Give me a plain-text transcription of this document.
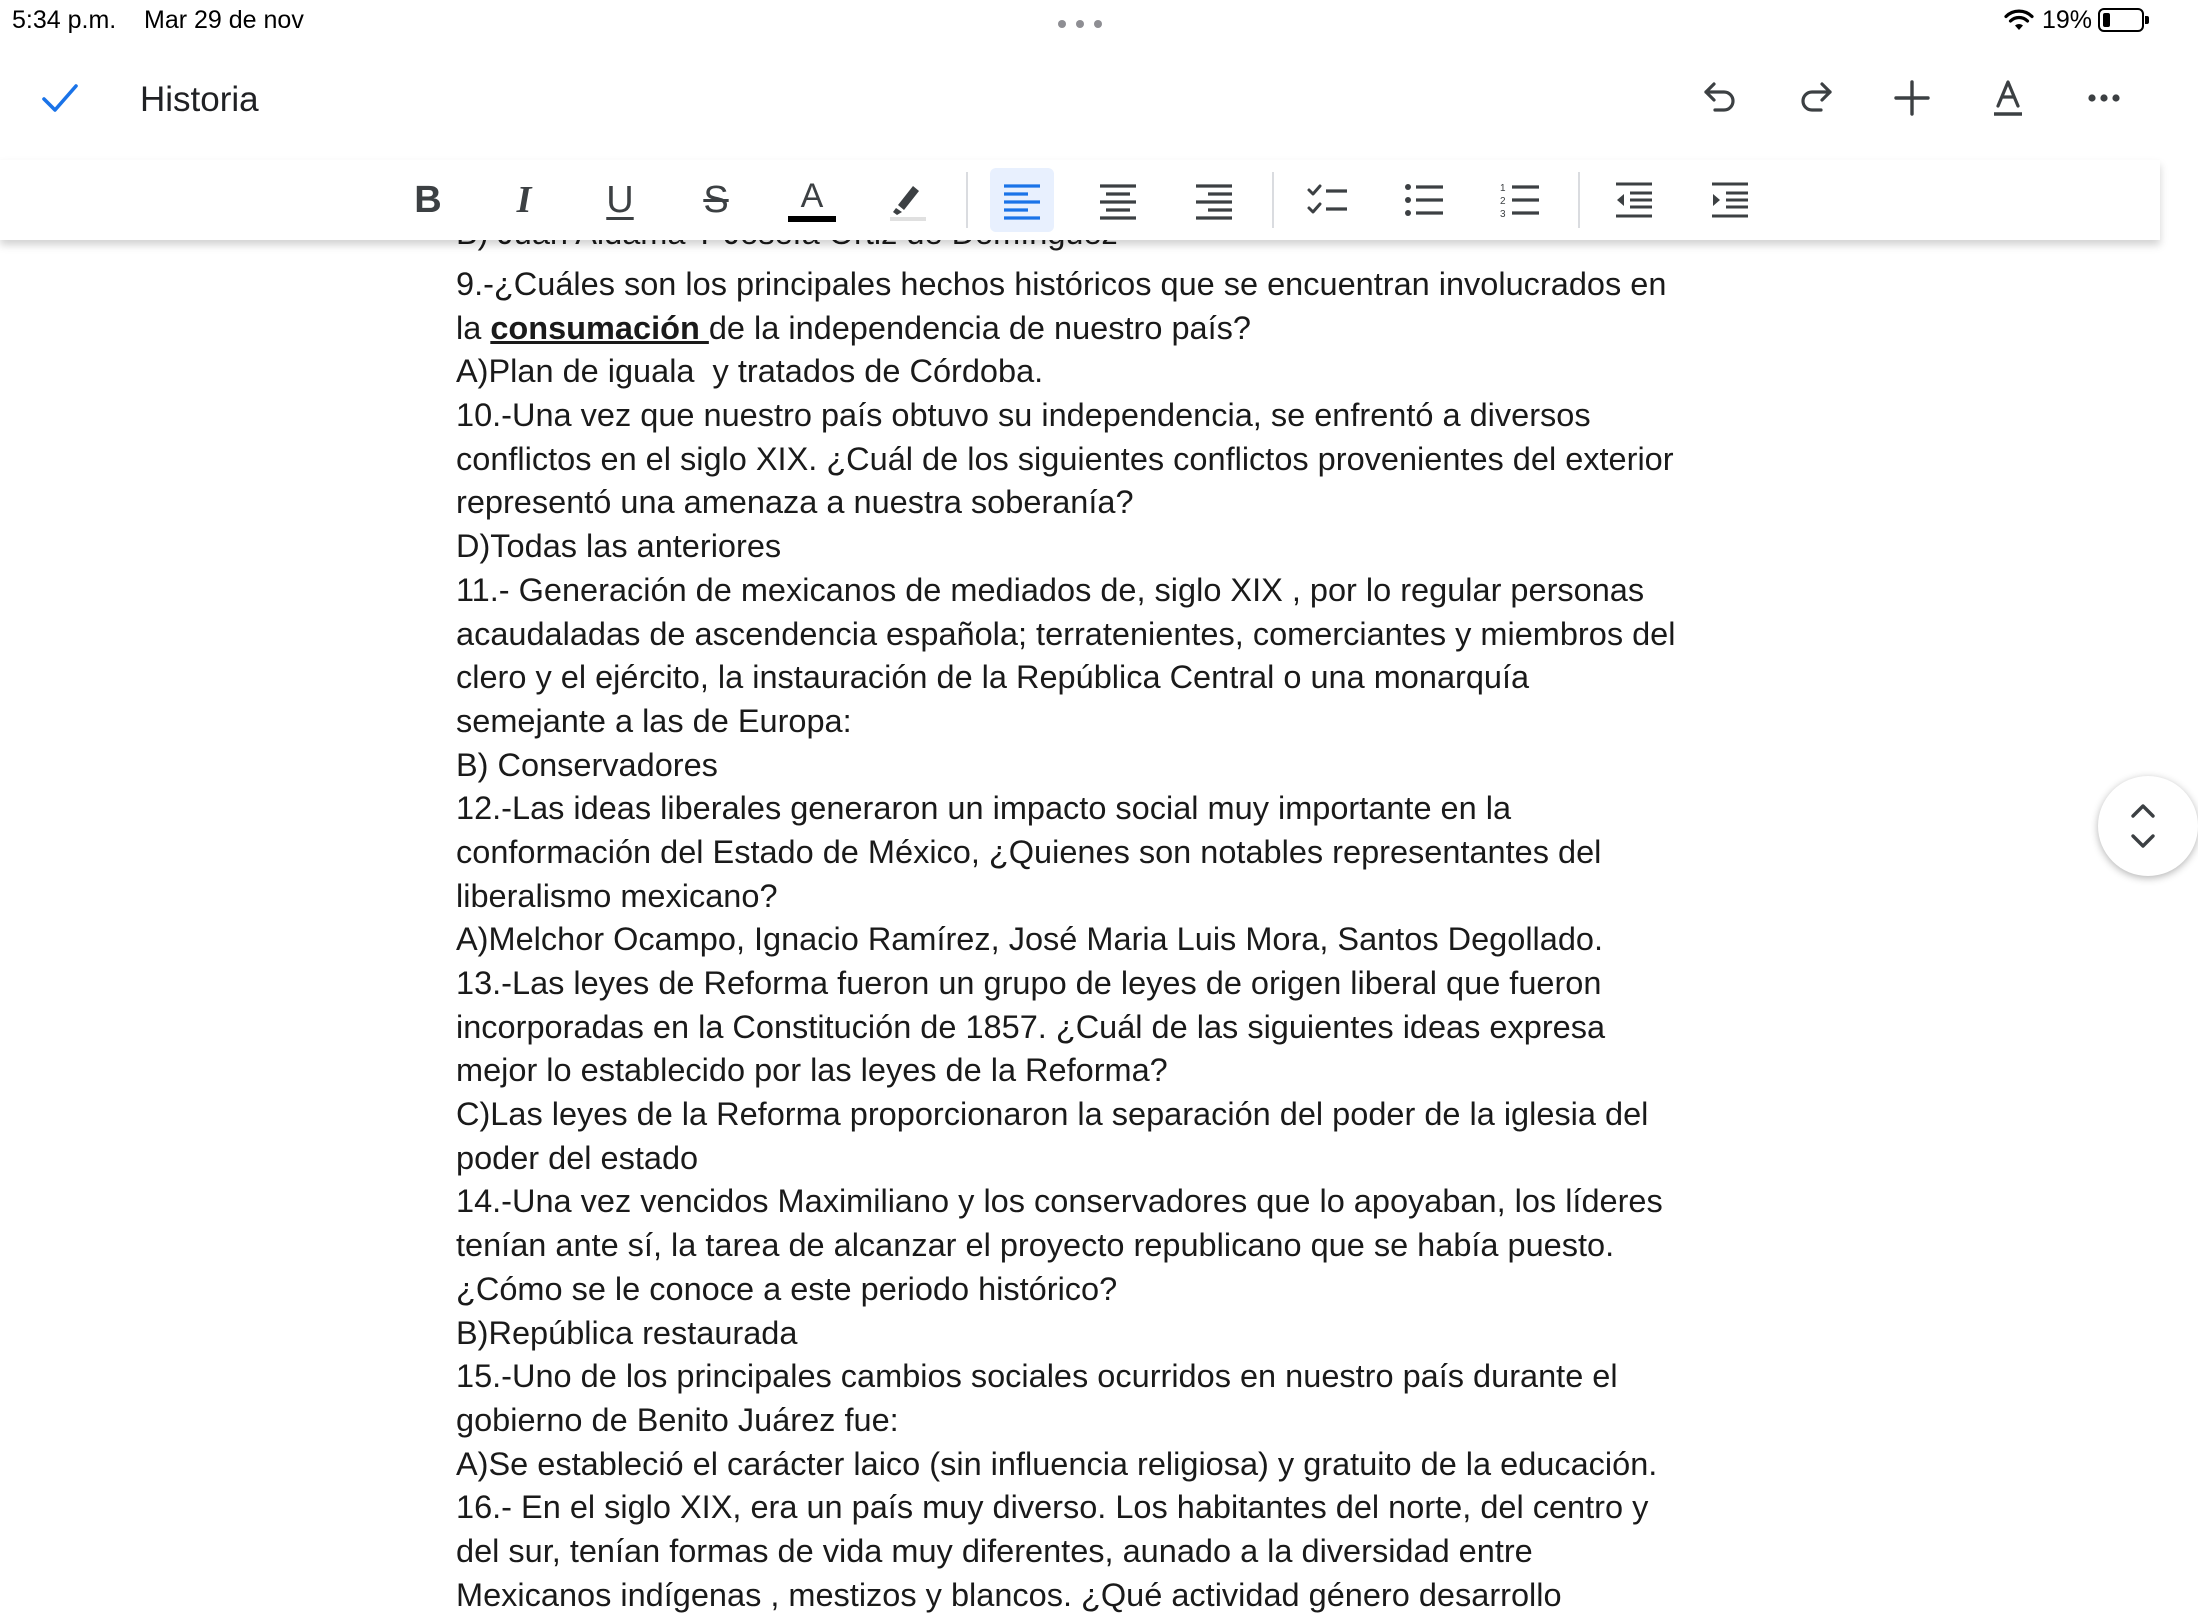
5:34 p.m. Mar 29 de nov	19%
Historia
B I U S A	1
2
3
9.-¿Cuáles son los principales hechos históricos que se encuentran involucrados en
la consumación de la independencia de nuestro país?
A)Plan de iguala  y tratados de Córdoba.
10.-Una vez que nuestro país obtuvo su independencia, se enfrentó a diversos
conflictos en el siglo XIX. ¿Cuál de los siguientes conflictos provenientes del exterior
representó una amenaza a nuestra soberanía?
D)Todas las anteriores
11.- Generación de mexicanos de mediados de, siglo XIX , por lo regular personas
acaudaladas de ascendencia española; terratenientes, comerciantes y miembros del
clero y el ejército, la instauración de la República Central o una monarquía
semejante a las de Europa:
B) Conservadores
12.-Las ideas liberales generaron un impacto social muy importante en la
conformación del Estado de México, ¿Quienes son notables representantes del
liberalismo mexicano?
A)Melchor Ocampo, Ignacio Ramírez, José Maria Luis Mora, Santos Degollado.
13.-Las leyes de Reforma fueron un grupo de leyes de origen liberal que fueron
incorporadas en la Constitución de 1857. ¿Cuál de las siguientes ideas expresa
mejor lo establecido por las leyes de la Reforma?
C)Las leyes de la Reforma proporcionaron la separación del poder de la iglesia del
poder del estado
14.-Una vez vencidos Maximiliano y los conservadores que lo apoyaban, los líderes
tenían ante sí, la tarea de alcanzar el proyecto republicano que se había puesto.
¿Cómo se le conoce a este periodo histórico?
B)República restaurada
15.-Uno de los principales cambios sociales ocurridos en nuestro país durante el
gobierno de Benito Juárez fue:
A)Se estableció el carácter laico (sin influencia religiosa) y gratuito de la educación.
16.- En el siglo XIX, era un país muy diverso. Los habitantes del norte, del centro y
del sur, tenían formas de vida muy diferentes, aunado a la diversidad entre
Mexicanos indígenas , mestizos y blancos. ¿Qué actividad género desarrollo
